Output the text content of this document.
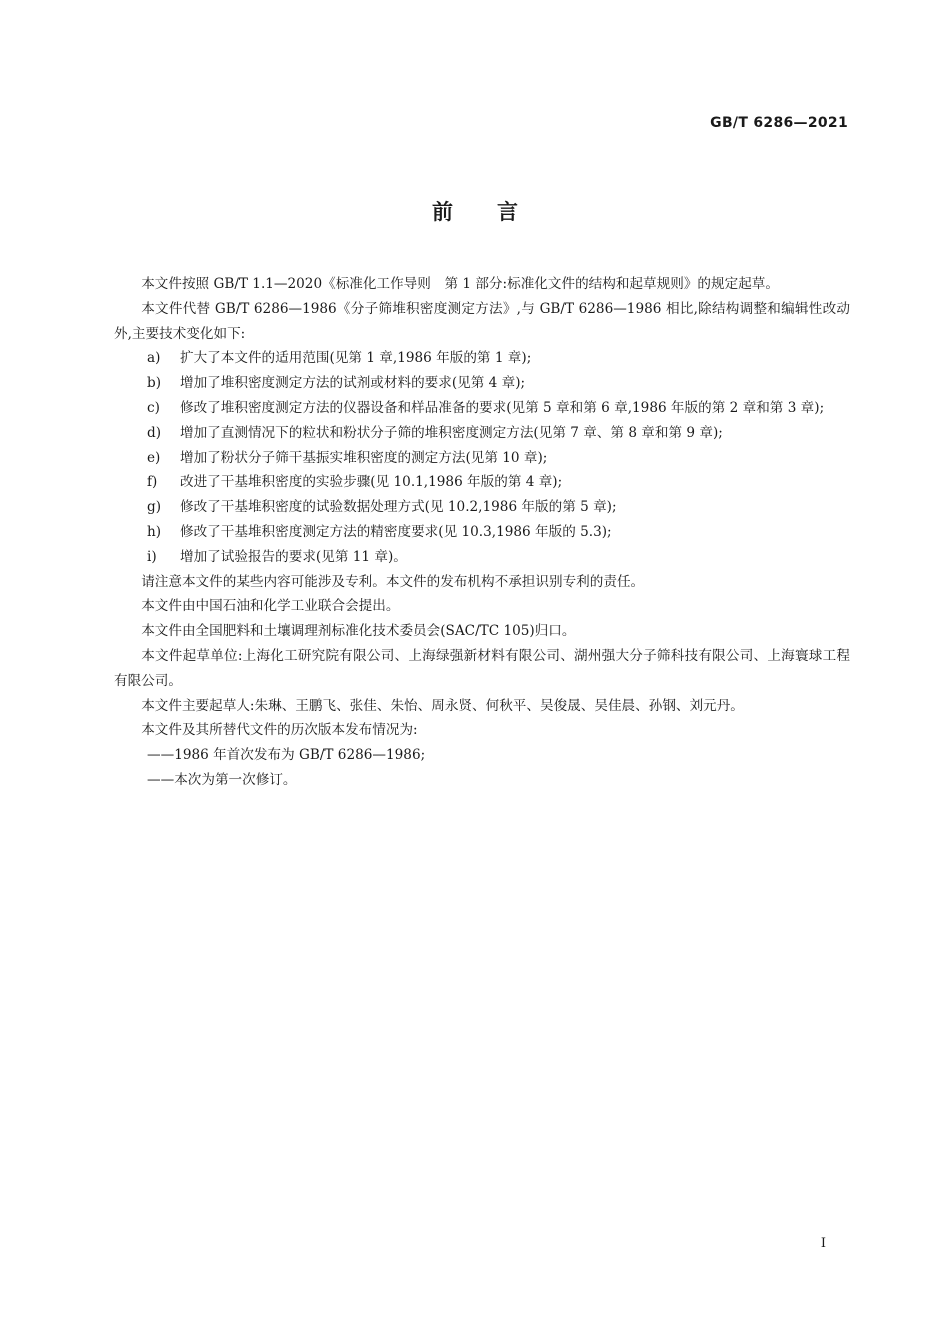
GB/T 6286—2021
前言

本文件按照 GB/T 1.1—2020《标准化工作导则　第 1 部分:标准化文件的结构和起草规则》的规定起草。

本文件代替 GB/T 6286—1986《分子筛堆积密度测定方法》,与 GB/T 6286—1986 相比,除结构调整和编辑性改动外,主要技术变化如下:

a) 扩大了本文件的适用范围(见第 1 章,1986 年版的第 1 章);
b) 增加了堆积密度测定方法的试剂或材料的要求(见第 4 章);
c) 修改了堆积密度测定方法的仪器设备和样品准备的要求(见第 5 章和第 6 章,1986 年版的第 2 章和第 3 章);
d) 增加了直测情况下的粒状和粉状分子筛的堆积密度测定方法(见第 7 章、第 8 章和第 9 章);
e) 增加了粉状分子筛干基振实堆积密度的测定方法(见第 10 章);
f) 改进了干基堆积密度的实验步骤(见 10.1,1986 年版的第 4 章);
g) 修改了干基堆积密度的试验数据处理方式(见 10.2,1986 年版的第 5 章);
h) 修改了干基堆积密度测定方法的精密度要求(见 10.3,1986 年版的 5.3);
i) 增加了试验报告的要求(见第 11 章)。

请注意本文件的某些内容可能涉及专利。本文件的发布机构不承担识别专利的责任。

本文件由中国石油和化学工业联合会提出。

本文件由全国肥料和土壤调理剂标准化技术委员会(SAC/TC 105)归口。

本文件起草单位:上海化工研究院有限公司、上海绿强新材料有限公司、湖州强大分子筛科技有限公司、上海寰球工程有限公司。

本文件主要起草人:朱琳、王鹏飞、张佳、朱怡、周永贤、何秋平、吴俊晟、吴佳晨、孙钢、刘元丹。

本文件及其所替代文件的历次版本发布情况为:

——1986 年首次发布为 GB/T 6286—1986;
——本次为第一次修订。
I
